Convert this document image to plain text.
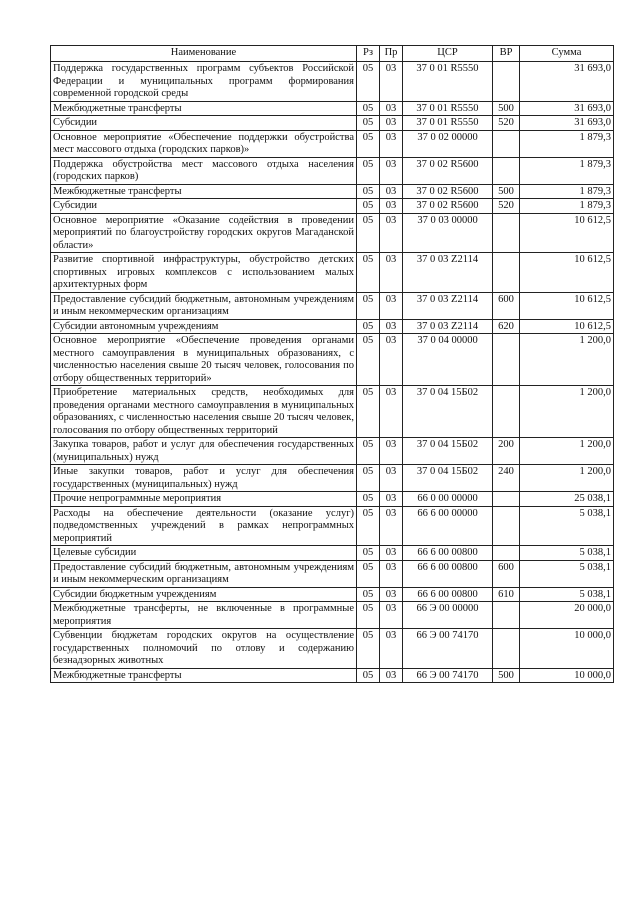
Наименование	Рз	Пр	ЦСР	ВР	Сумма
Поддержка государственных программ субъектов Российской Федерации и муниципальных программ формирования современной городской среды	05	03	37 0 01 R5550		31 693,0
Межбюджетные трансферты	05	03	37 0 01 R5550	500	31 693,0
Субсидии	05	03	37 0 01 R5550	520	31 693,0
Основное мероприятие «Обеспечение поддержки обустройства мест массового отдыха (городских парков)»	05	03	37 0 02 00000		1 879,3
Поддержка обустройства мест массового отдыха населения (городских парков)	05	03	37 0 02 R5600		1 879,3
Межбюджетные трансферты	05	03	37 0 02 R5600	500	1 879,3
Субсидии	05	03	37 0 02 R5600	520	1 879,3
Основное мероприятие «Оказание содействия в проведении мероприятий по благоустройству городских округов Магаданской области»	05	03	37 0 03 00000		10 612,5
Развитие спортивной инфраструктуры, обустройство детских спортивных игровых комплексов с использованием малых архитектурных форм	05	03	37 0 03 Z2114		10 612,5
Предоставление субсидий бюджетным, автономным учреждениям и иным некоммерческим организациям	05	03	37 0 03 Z2114	600	10 612,5
Субсидии автономным учреждениям	05	03	37 0 03 Z2114	620	10 612,5
Основное мероприятие «Обеспечение проведения органами местного самоуправления в муниципальных образованиях, с численностью населения свыше 20 тысяч человек, голосования по отбору общественных территорий»	05	03	37 0 04 00000		1 200,0
Приобретение материальных средств, необходимых для проведения органами местного самоуправления в муниципальных образованиях, с численностью населения свыше 20 тысяч человек, голосования по отбору общественных территорий	05	03	37 0 04 15Б02		1 200,0
Закупка товаров, работ и услуг для обеспечения государственных (муниципальных) нужд	05	03	37 0 04 15Б02	200	1 200,0
Иные закупки товаров, работ и услуг для обеспечения государственных (муниципальных) нужд	05	03	37 0 04 15Б02	240	1 200,0
Прочие непрограммные мероприятия	05	03	66 0 00 00000		25 038,1
Расходы на обеспечение деятельности (оказание услуг) подведомственных учреждений в рамках непрограммных мероприятий	05	03	66 6 00 00000		5 038,1
Целевые субсидии	05	03	66 6 00 00800		5 038,1
Предоставление субсидий бюджетным, автономным учреждениям и иным некоммерческим организациям	05	03	66 6 00 00800	600	5 038,1
Субсидии бюджетным учреждениям	05	03	66 6 00 00800	610	5 038,1
Межбюджетные трансферты, не включенные в программные мероприятия	05	03	66 Э 00 00000		20 000,0
Субвенции бюджетам городских округов на осуществление государственных полномочий по отлову и содержанию безнадзорных животных	05	03	66 Э 00 74170		10 000,0
Межбюджетные трансферты	05	03	66 Э 00 74170	500	10 000,0
